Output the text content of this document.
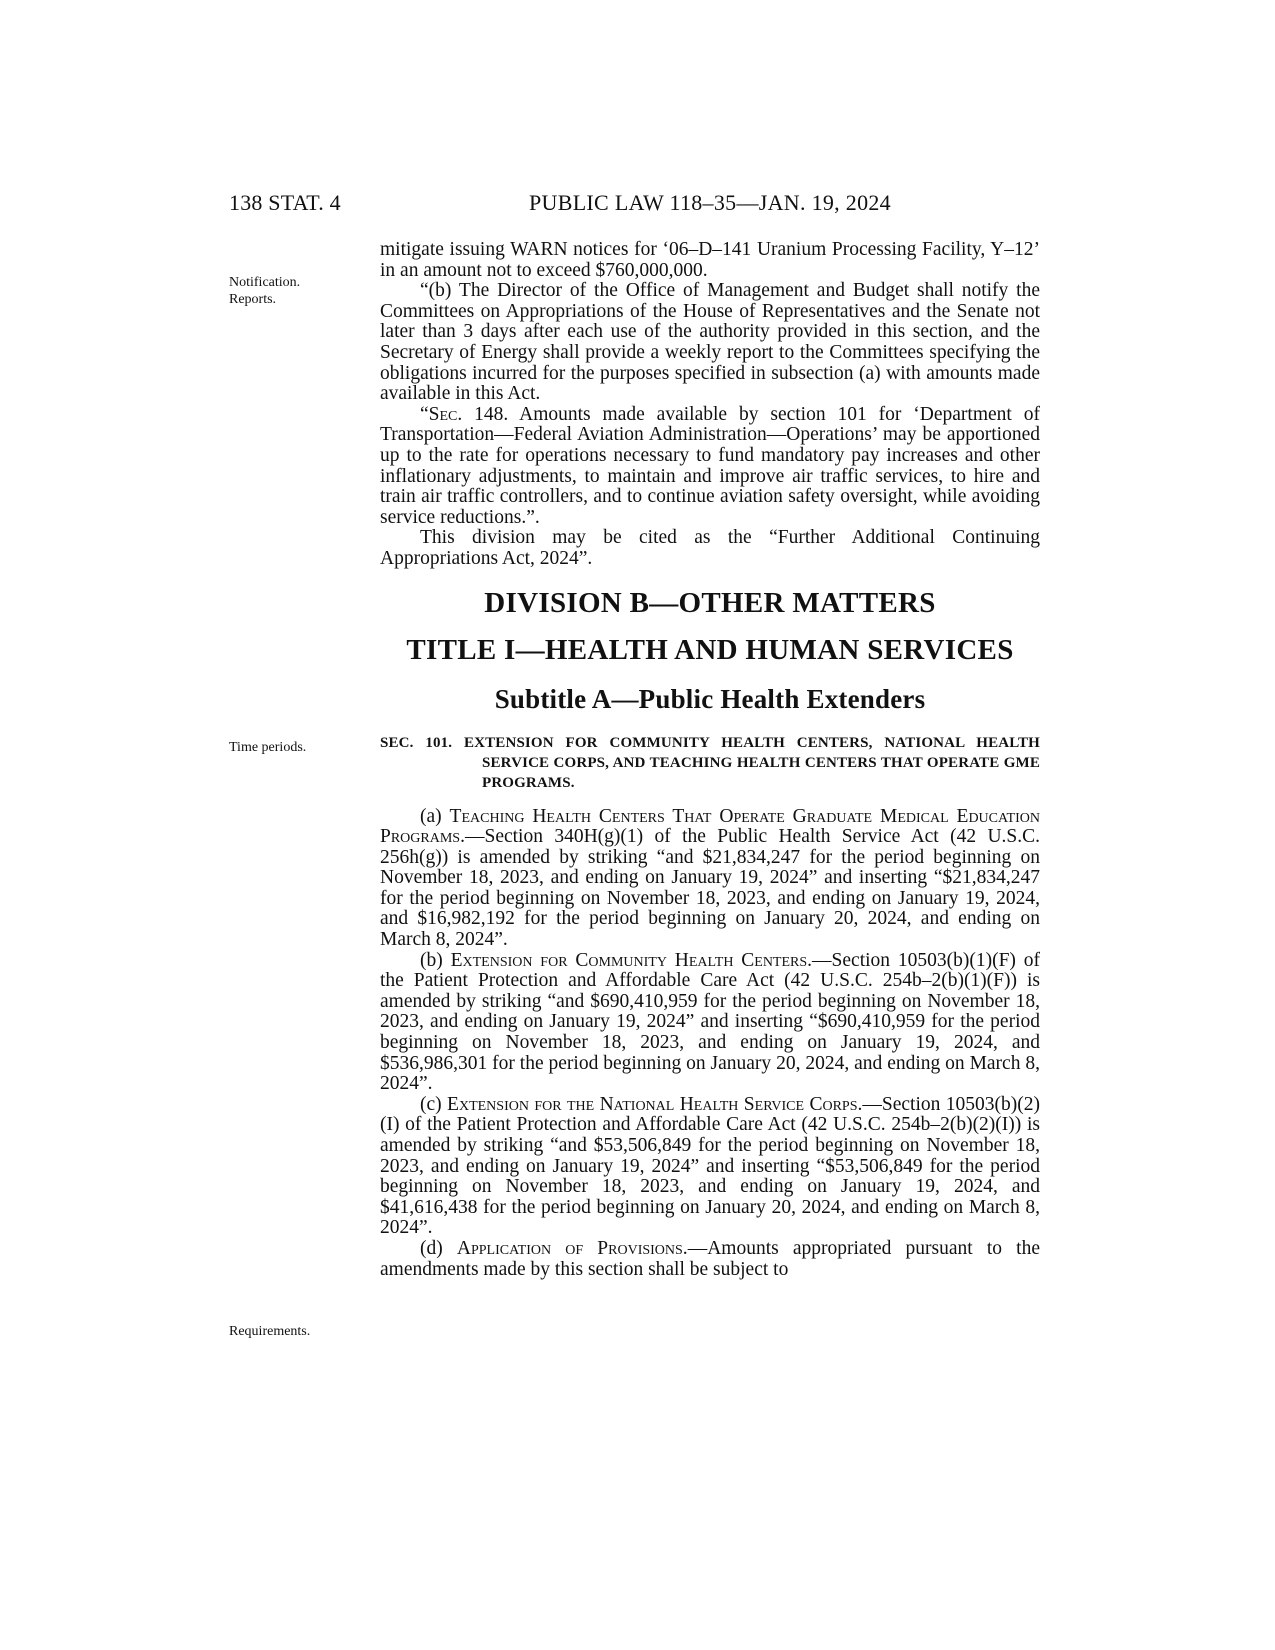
138 STAT. 4	PUBLIC LAW 118–35—JAN. 19, 2024
Notification.
Reports.
Time periods.
Requirements.

mitigate issuing WARN notices for ‘06–D–141 Uranium Processing Facility, Y–12’ in an amount not to exceed $760,000,000.

“(b) The Director of the Office of Management and Budget shall notify the Committees on Appropriations of the House of Representatives and the Senate not later than 3 days after each use of the authority provided in this section, and the Secretary of Energy shall provide a weekly report to the Committees specifying the obligations incurred for the purposes specified in subsection (a) with amounts made available in this Act.

“Sec. 148. Amounts made available by section 101 for ‘Department of Transportation—Federal Aviation Administration—Operations’ may be apportioned up to the rate for operations necessary to fund mandatory pay increases and other inflationary adjustments, to maintain and improve air traffic services, to hire and train air traffic controllers, and to continue aviation safety oversight, while avoiding service reductions.”.

This division may be cited as the “Further Additional Continuing Appropriations Act, 2024”.

DIVISION B—OTHER MATTERS
TITLE I—HEALTH AND HUMAN SERVICES
Subtitle A—Public Health Extenders
SEC. 101. EXTENSION FOR COMMUNITY HEALTH CENTERS, NATIONAL HEALTH SERVICE CORPS, AND TEACHING HEALTH CENTERS THAT OPERATE GME PROGRAMS.

(a) Teaching Health Centers That Operate Graduate Medical Education Programs.—Section 340H(g)(1) of the Public Health Service Act (42 U.S.C. 256h(g)) is amended by striking “and $21,834,247 for the period beginning on November 18, 2023, and ending on January 19, 2024” and inserting “$21,834,247 for the period beginning on November 18, 2023, and ending on January 19, 2024, and $16,982,192 for the period beginning on January 20, 2024, and ending on March 8, 2024”.

(b) Extension for Community Health Centers.—Section 10503(b)(1)(F) of the Patient Protection and Affordable Care Act (42 U.S.C. 254b–2(b)(1)(F)) is amended by striking “and $690,410,959 for the period beginning on November 18, 2023, and ending on January 19, 2024” and inserting “$690,410,959 for the period beginning on November 18, 2023, and ending on January 19, 2024, and $536,986,301 for the period beginning on January 20, 2024, and ending on March 8, 2024”.

(c) Extension for the National Health Service Corps.—Section 10503(b)(2)(I) of the Patient Protection and Affordable Care Act (42 U.S.C. 254b–2(b)(2)(I)) is amended by striking “and $53,506,849 for the period beginning on November 18, 2023, and ending on January 19, 2024” and inserting “$53,506,849 for the period beginning on November 18, 2023, and ending on January 19, 2024, and $41,616,438 for the period beginning on January 20, 2024, and ending on March 8, 2024”.

(d) Application of Provisions.—Amounts appropriated pursuant to the amendments made by this section shall be subject to
